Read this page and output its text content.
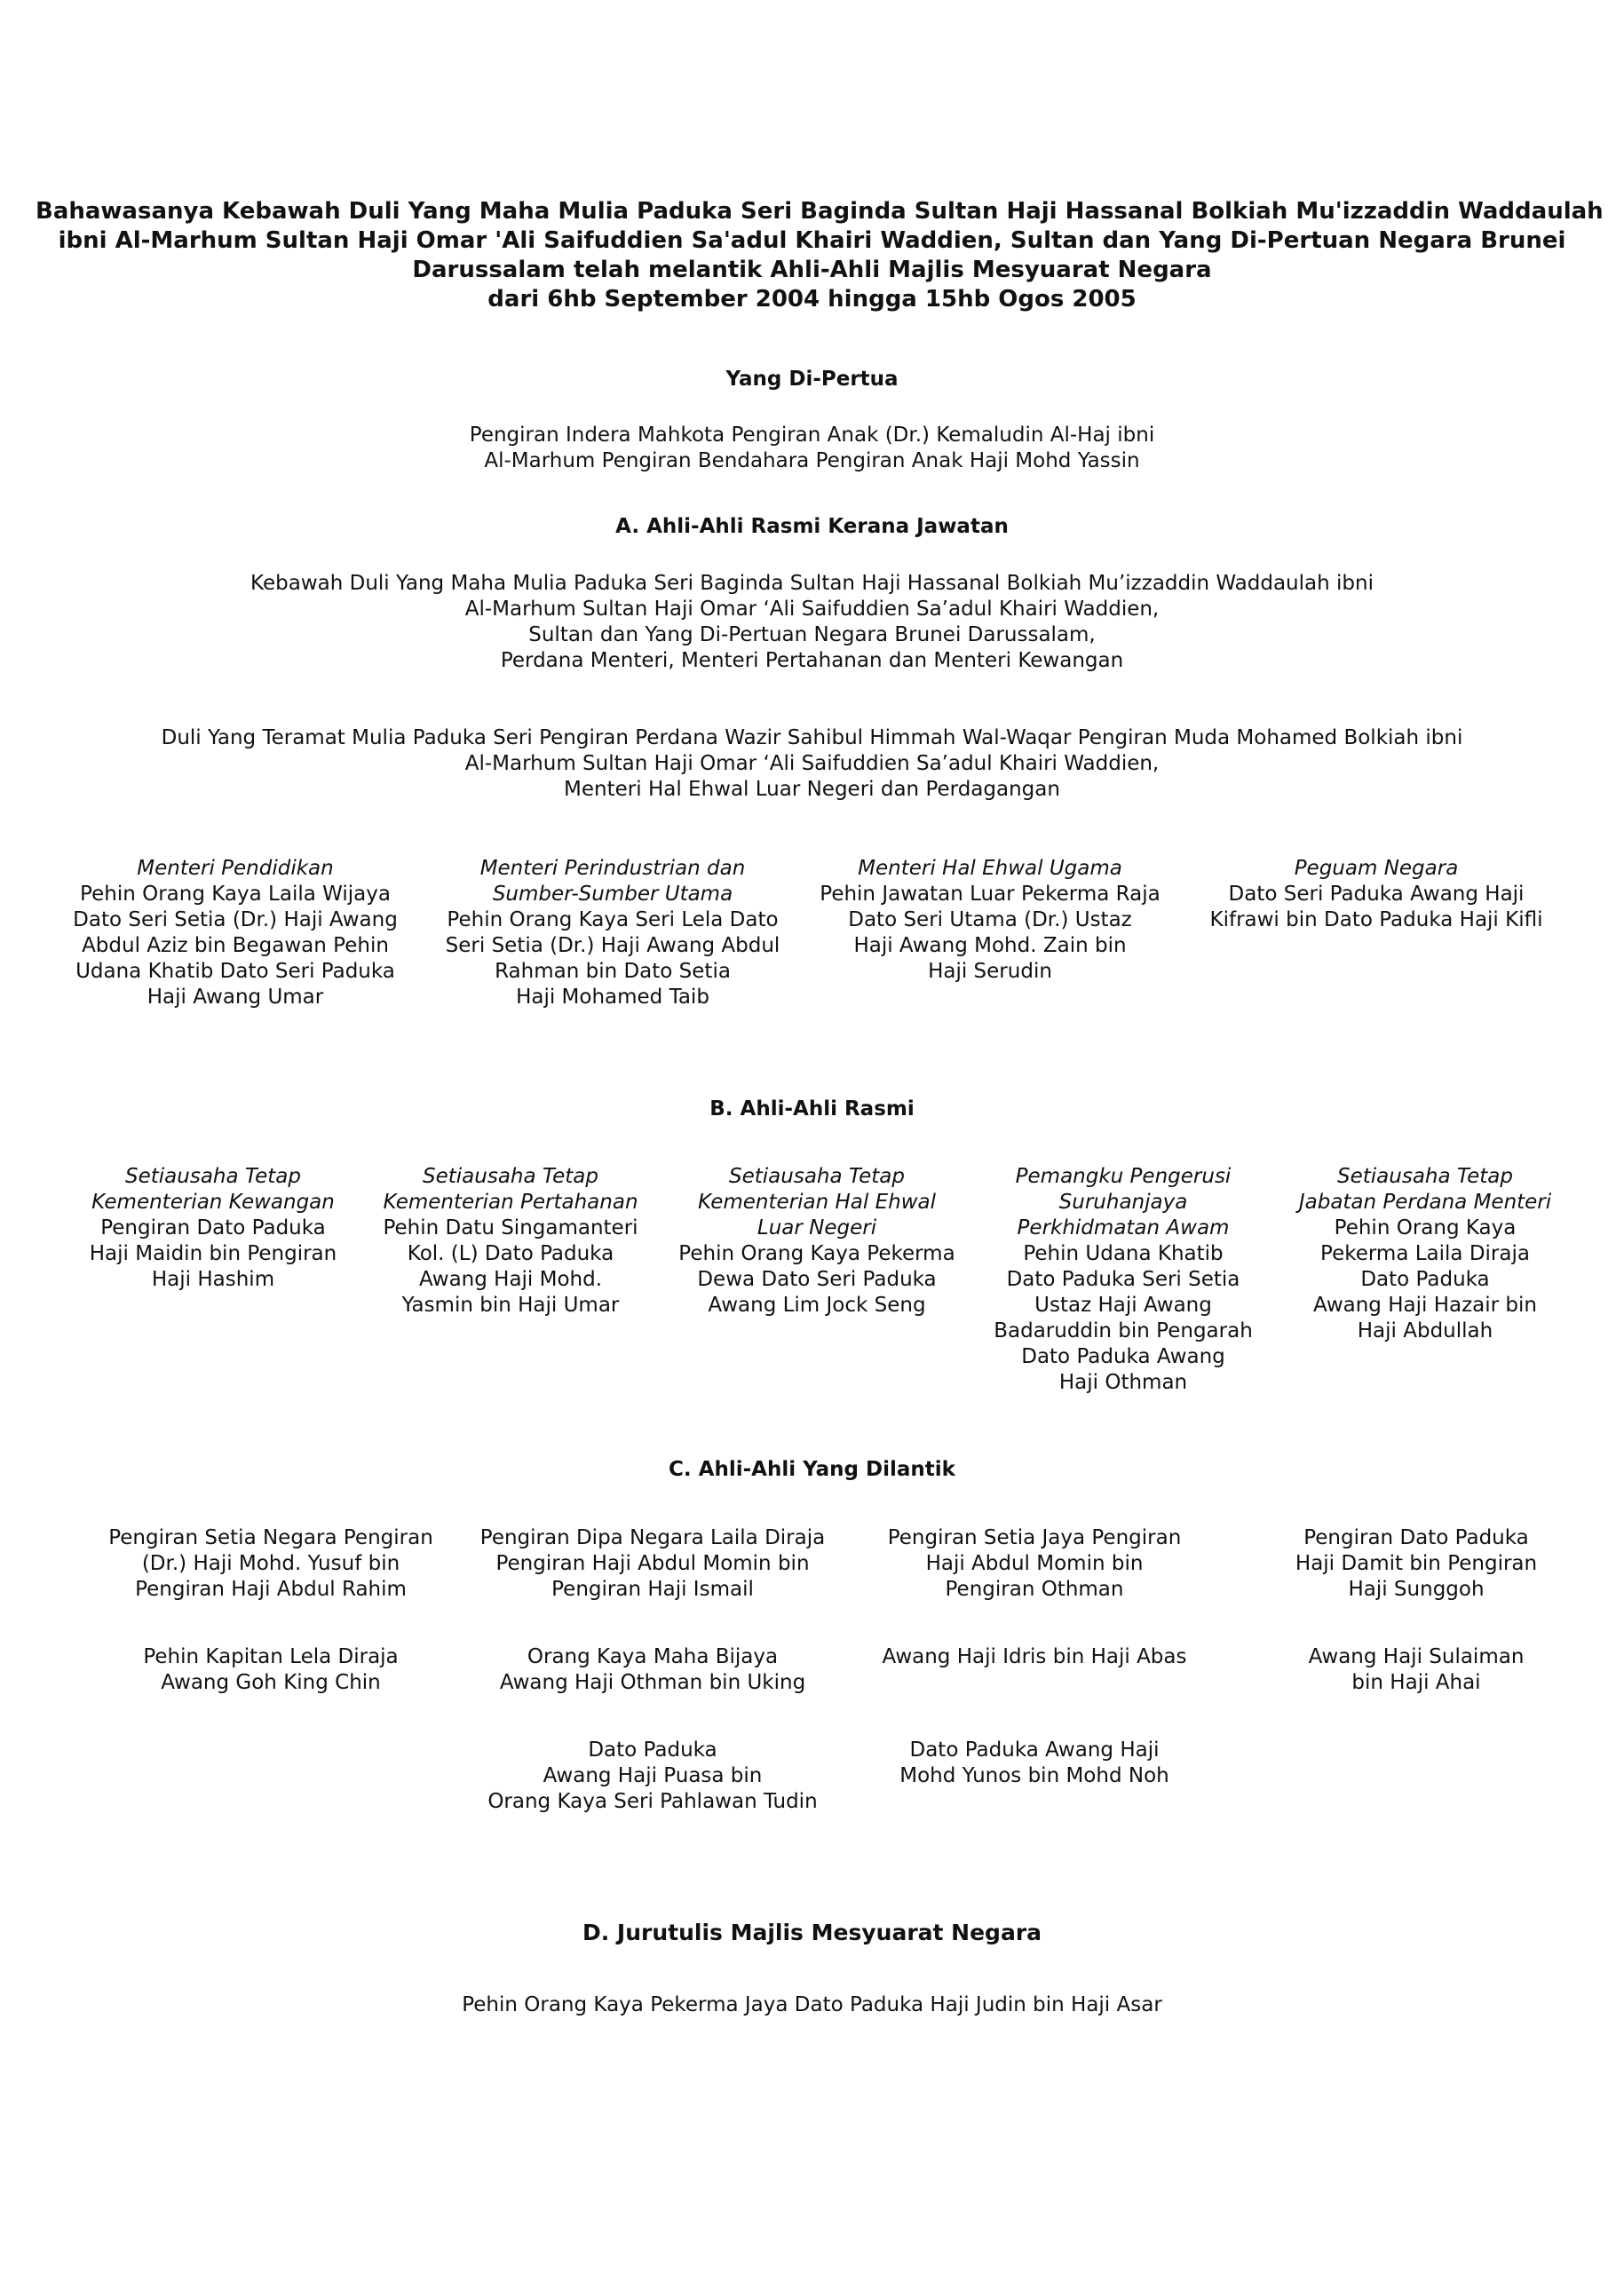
Bahawasanya Kebawah Duli Yang Maha Mulia Paduka Seri Baginda Sultan Haji Hassanal Bolkiah Mu'izzaddin Waddaulah
ibni Al-Marhum Sultan Haji Omar 'Ali Saifuddien Sa'adul Khairi Waddien, Sultan dan Yang Di-Pertuan Negara Brunei
Darussalam telah melantik Ahli-Ahli Majlis Mesyuarat Negara
dari 6hb September 2004 hingga 15hb Ogos 2005
Yang Di-Pertua
Pengiran Indera Mahkota Pengiran Anak (Dr.) Kemaludin Al-Haj ibni
Al-Marhum Pengiran Bendahara Pengiran Anak Haji Mohd Yassin
A. Ahli-Ahli Rasmi Kerana Jawatan
Kebawah Duli Yang Maha Mulia Paduka Seri Baginda Sultan Haji Hassanal Bolkiah Mu’izzaddin Waddaulah ibni
Al-Marhum Sultan Haji Omar ‘Ali Saifuddien Sa’adul Khairi Waddien,
Sultan dan Yang Di-Pertuan Negara Brunei Darussalam,
Perdana Menteri, Menteri Pertahanan dan Menteri Kewangan
Duli Yang Teramat Mulia Paduka Seri Pengiran Perdana Wazir Sahibul Himmah Wal-Waqar Pengiran Muda Mohamed Bolkiah ibni
Al-Marhum Sultan Haji Omar ‘Ali Saifuddien Sa’adul Khairi Waddien,
Menteri Hal Ehwal Luar Negeri dan Perdagangan
Menteri Pendidikan
Pehin Orang Kaya Laila Wijaya
Dato Seri Setia (Dr.) Haji Awang
Abdul Aziz bin Begawan Pehin
Udana Khatib Dato Seri Paduka
Haji Awang Umar
Menteri Perindustrian dan
Sumber-Sumber Utama
Pehin Orang Kaya Seri Lela Dato
Seri Setia (Dr.) Haji Awang Abdul
Rahman bin Dato Setia
Haji Mohamed Taib
Menteri Hal Ehwal Ugama
Pehin Jawatan Luar Pekerma Raja
Dato Seri Utama (Dr.) Ustaz
Haji Awang Mohd. Zain bin
Haji Serudin
Peguam Negara
Dato Seri Paduka Awang Haji
Kifrawi bin Dato Paduka Haji Kifli
B. Ahli-Ahli Rasmi
Setiausaha Tetap
Kementerian Kewangan
Pengiran Dato Paduka
Haji Maidin bin Pengiran
Haji Hashim
Setiausaha Tetap
Kementerian Pertahanan
Pehin Datu Singamanteri
Kol. (L) Dato Paduka
Awang Haji Mohd.
Yasmin bin Haji Umar
Setiausaha Tetap
Kementerian Hal Ehwal
Luar Negeri
Pehin Orang Kaya Pekerma
Dewa Dato Seri Paduka
Awang Lim Jock Seng
Pemangku Pengerusi
Suruhanjaya
Perkhidmatan Awam
Pehin Udana Khatib
Dato Paduka Seri Setia
Ustaz Haji Awang
Badaruddin bin Pengarah
Dato Paduka Awang
Haji Othman
Setiausaha Tetap
Jabatan Perdana Menteri
Pehin Orang Kaya
Pekerma Laila Diraja
Dato Paduka
Awang Haji Hazair bin
Haji Abdullah
C. Ahli-Ahli Yang Dilantik
Pengiran Setia Negara Pengiran
(Dr.) Haji Mohd. Yusuf bin
Pengiran Haji Abdul Rahim
Pengiran Dipa Negara Laila Diraja
Pengiran Haji Abdul Momin bin
Pengiran Haji Ismail
Pengiran Setia Jaya Pengiran
Haji Abdul Momin bin
Pengiran Othman
Pengiran Dato Paduka
Haji Damit bin Pengiran
Haji Sunggoh
Pehin Kapitan Lela Diraja
Awang Goh King Chin
Orang Kaya Maha Bijaya
Awang Haji Othman bin Uking
Awang Haji Idris bin Haji Abas	Awang Haji Sulaiman
bin Haji Ahai
Dato Paduka
Awang Haji Puasa bin
Orang Kaya Seri Pahlawan Tudin
Dato Paduka Awang Haji
Mohd Yunos bin Mohd Noh
D. Jurutulis Majlis Mesyuarat Negara
Pehin Orang Kaya Pekerma Jaya Dato Paduka Haji Judin bin Haji Asar
